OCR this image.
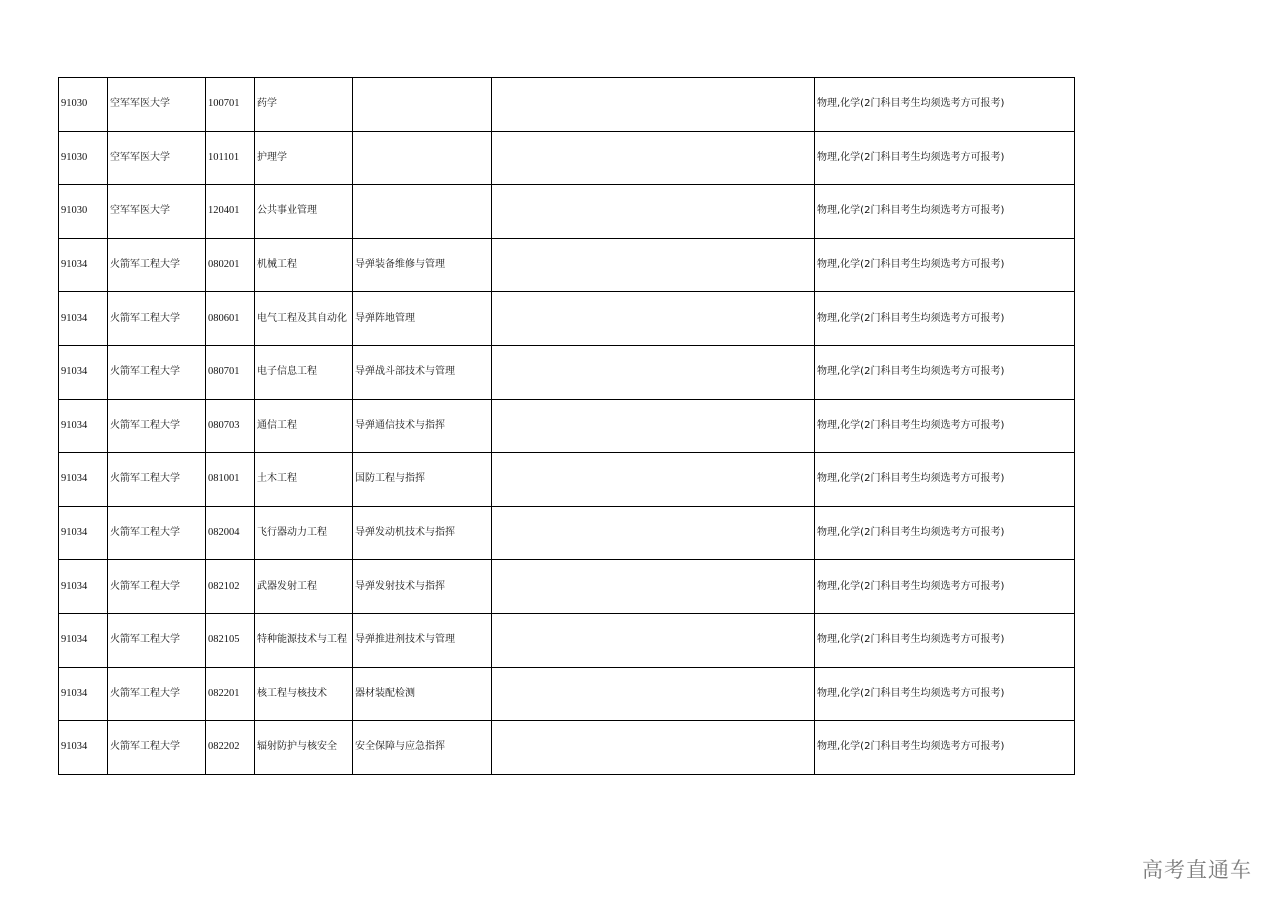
91030	空军军医大学	100701	药学			物理,化学(2门科目考生均须选考方可报考)
91030	空军军医大学	101101	护理学			物理,化学(2门科目考生均须选考方可报考)
91030	空军军医大学	120401	公共事业管理			物理,化学(2门科目考生均须选考方可报考)
91034	火箭军工程大学	080201	机械工程	导弹装备维修与管理		物理,化学(2门科目考生均须选考方可报考)
91034	火箭军工程大学	080601	电气工程及其自动化	导弹阵地管理		物理,化学(2门科目考生均须选考方可报考)
91034	火箭军工程大学	080701	电子信息工程	导弹战斗部技术与管理		物理,化学(2门科目考生均须选考方可报考)
91034	火箭军工程大学	080703	通信工程	导弹通信技术与指挥		物理,化学(2门科目考生均须选考方可报考)
91034	火箭军工程大学	081001	土木工程	国防工程与指挥		物理,化学(2门科目考生均须选考方可报考)
91034	火箭军工程大学	082004	飞行器动力工程	导弹发动机技术与指挥		物理,化学(2门科目考生均须选考方可报考)
91034	火箭军工程大学	082102	武器发射工程	导弹发射技术与指挥		物理,化学(2门科目考生均须选考方可报考)
91034	火箭军工程大学	082105	特种能源技术与工程	导弹推进剂技术与管理		物理,化学(2门科目考生均须选考方可报考)
91034	火箭军工程大学	082201	核工程与核技术	器材装配检测		物理,化学(2门科目考生均须选考方可报考)
91034	火箭军工程大学	082202	辐射防护与核安全	安全保障与应急指挥		物理,化学(2门科目考生均须选考方可报考)
高考直通车
